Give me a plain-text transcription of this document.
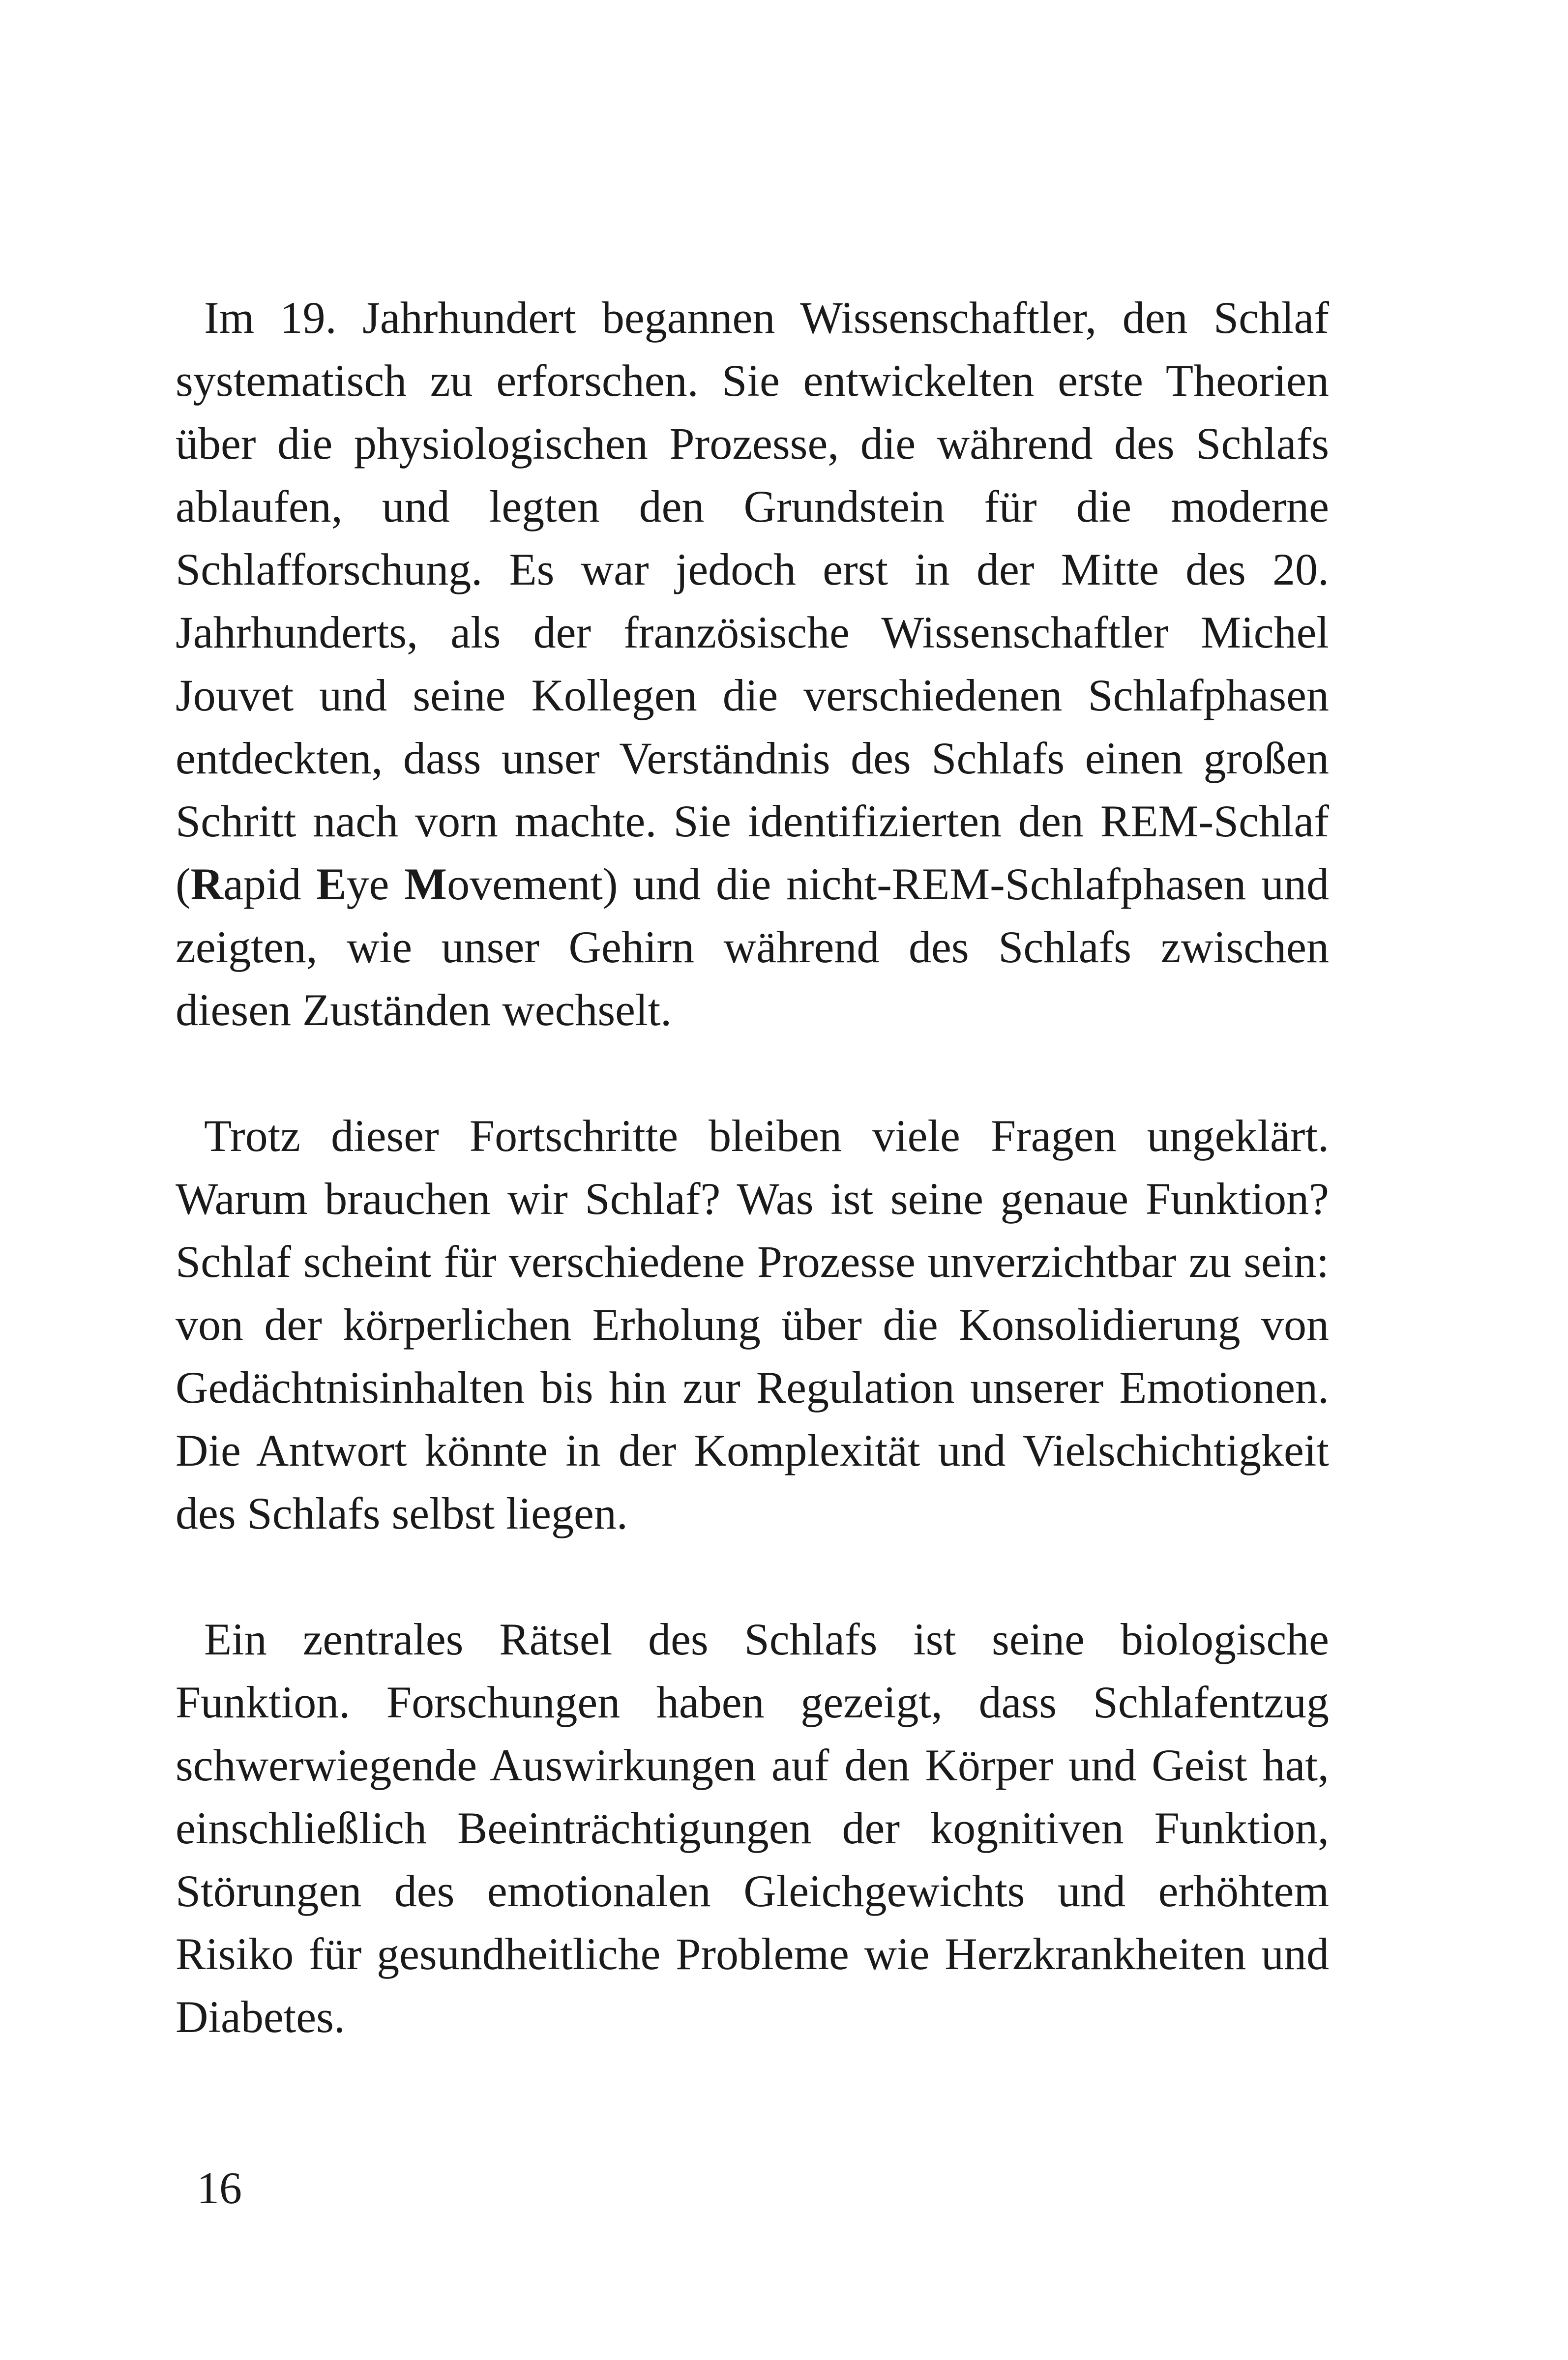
Im 19. Jahrhundert begannen Wissenschaftler, den Schlaf systematisch zu erforschen. Sie entwickelten erste Theorien über die physiologischen Prozesse, die während des Schlafs ablaufen, und legten den Grundstein für die moderne Schlafforschung. Es war jedoch erst in der Mitte des 20. Jahrhunderts, als der französische Wissenschaftler Michel Jouvet und seine Kollegen die verschiedenen Schlafphasen entdeckten, dass unser Verständnis des Schlafs einen großen Schritt nach vorn machte. Sie identifizierten den REM-Schlaf (Rapid Eye Movement) und die nicht-REM-Schlafphasen und zeigten, wie unser Gehirn während des Schlafs zwischen diesen Zuständen wechselt.

Trotz dieser Fortschritte bleiben viele Fragen ungeklärt. Warum brauchen wir Schlaf? Was ist seine genaue Funktion? Schlaf scheint für verschiedene Prozesse unverzichtbar zu sein: von der körperlichen Erholung über die Konsolidierung von Gedächtnisinhalten bis hin zur Regulation unserer Emotionen. Die Antwort könnte in der Komplexität und Vielschichtigkeit des Schlafs selbst liegen.

Ein zentrales Rätsel des Schlafs ist seine biologische Funktion. Forschungen haben gezeigt, dass Schlafentzug schwerwiegende Auswirkungen auf den Körper und Geist hat, einschließlich Beeinträchtigungen der kognitiven Funktion, Störungen des emotionalen Gleichgewichts und erhöhtem Risiko für gesundheitliche Probleme wie Herzkrankheiten und Diabetes.

16
